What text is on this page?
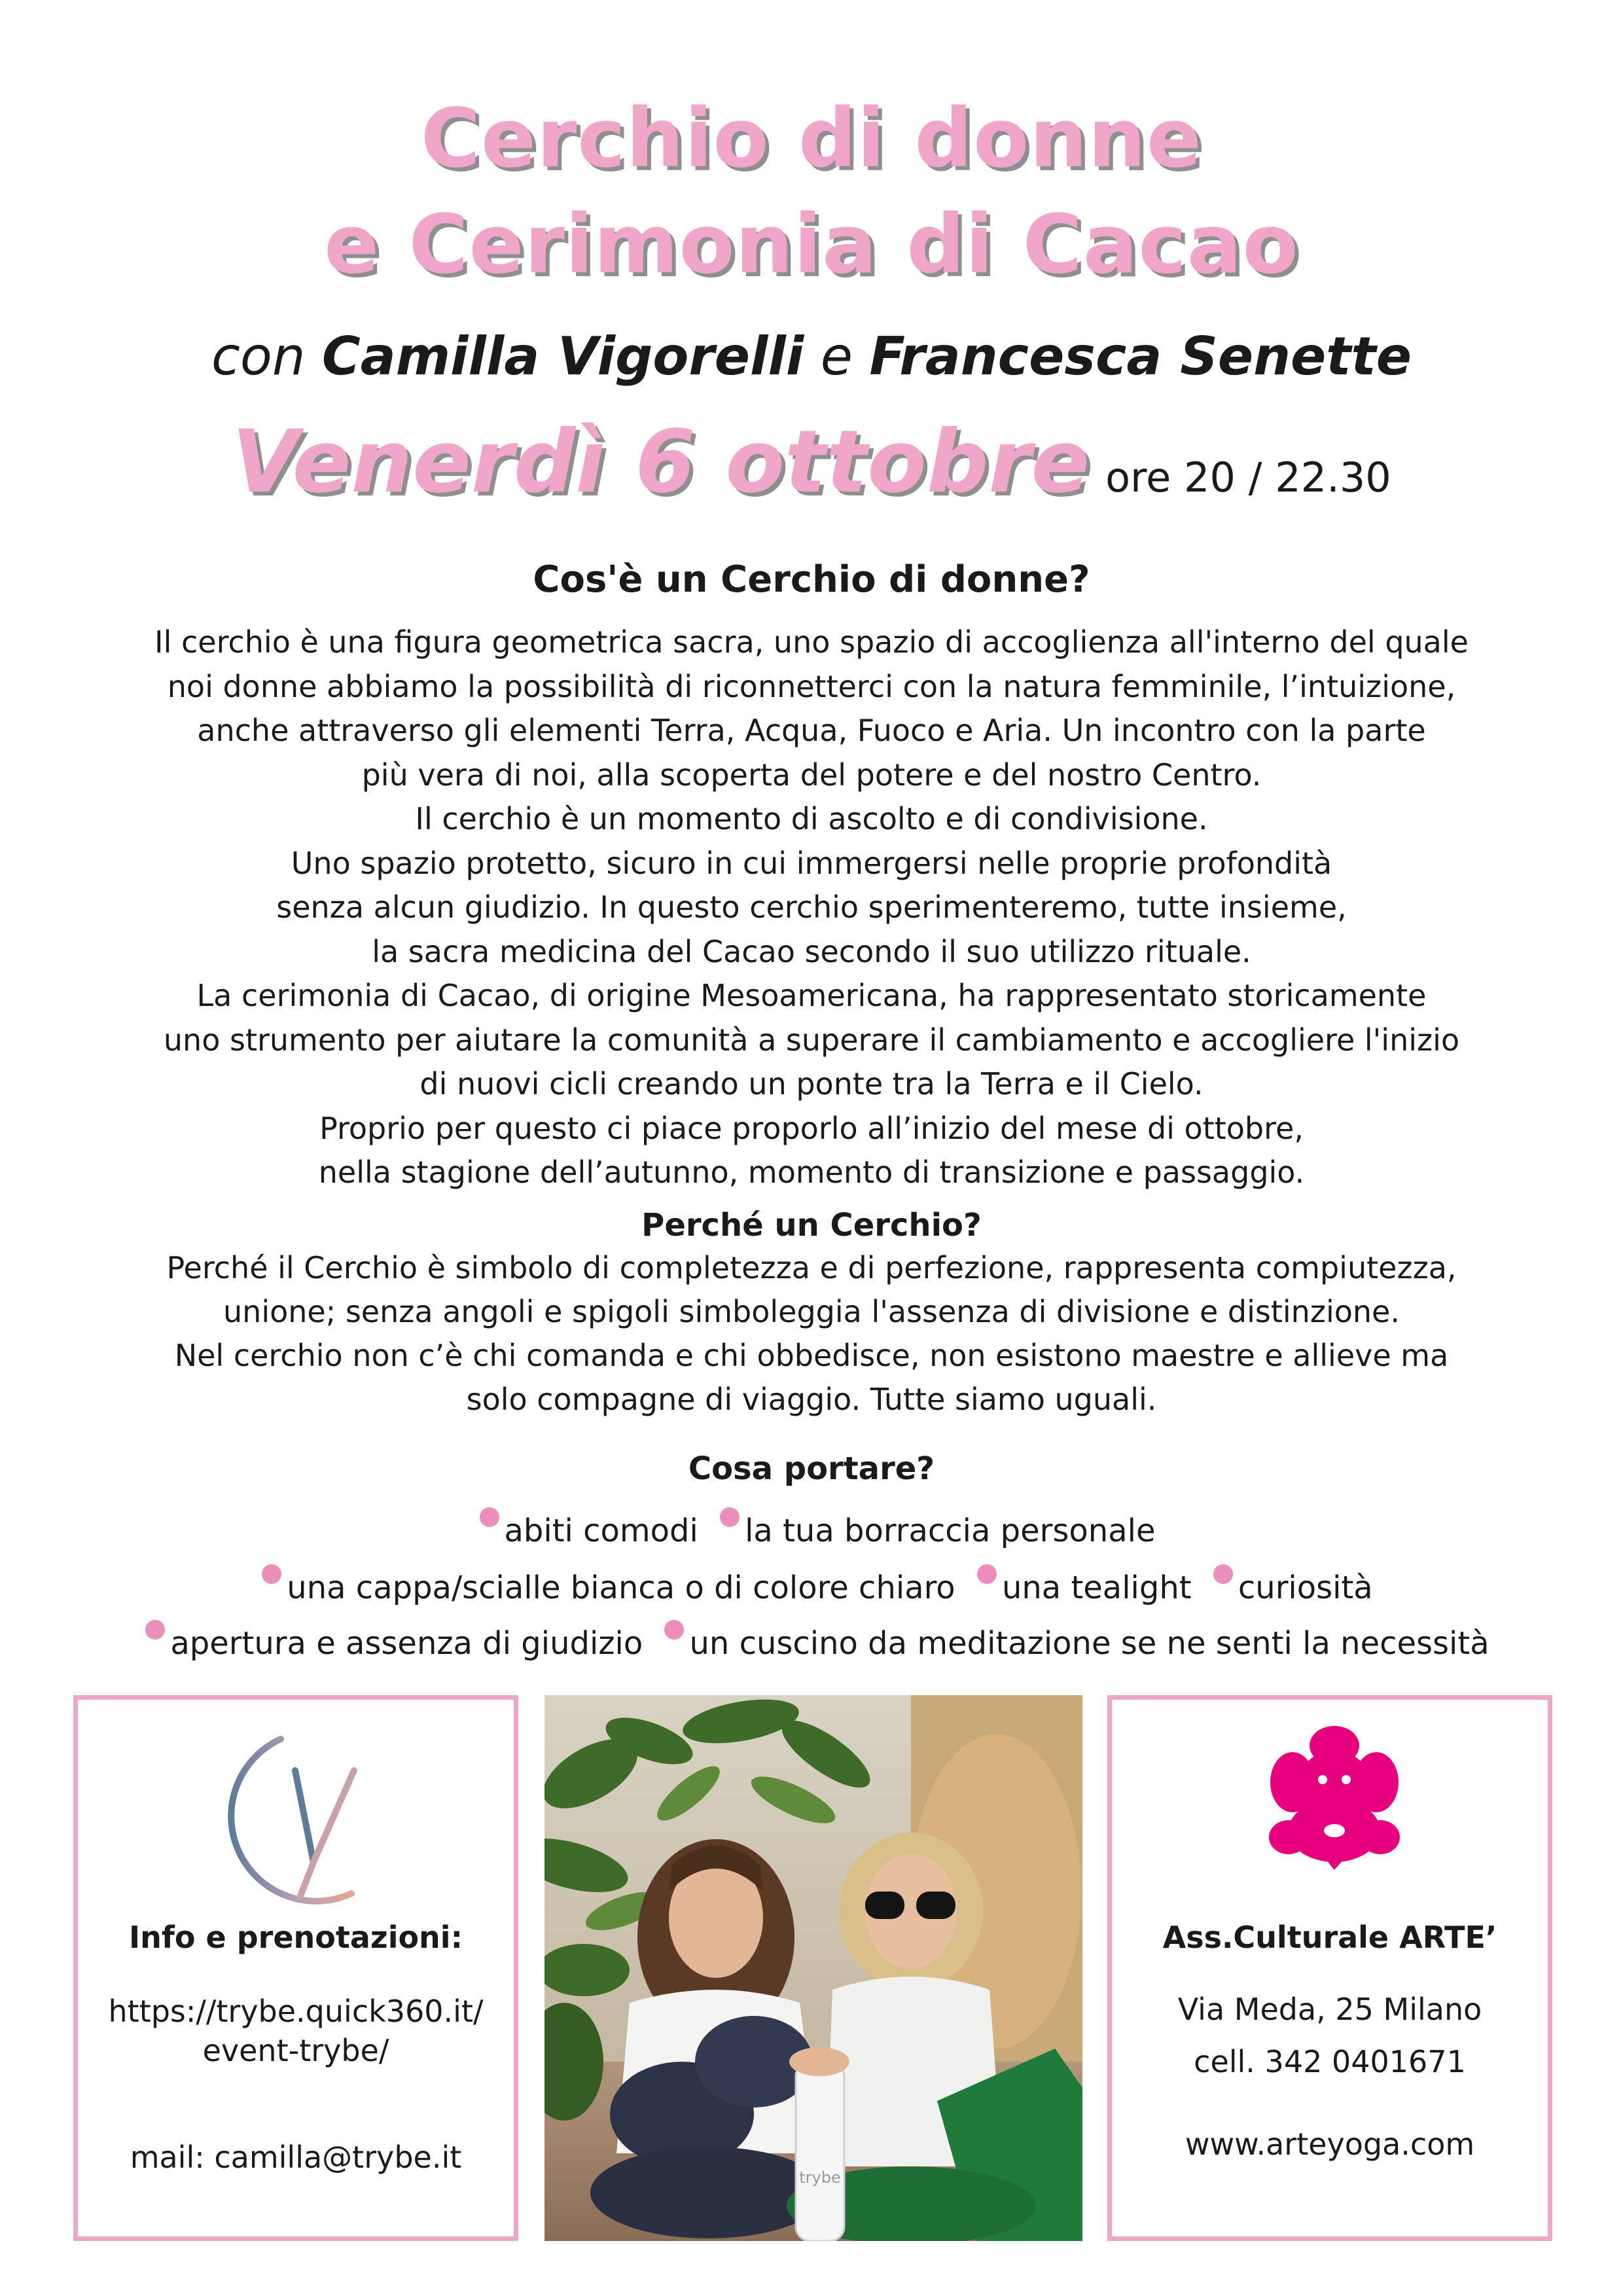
Cerchio di donne
e Cerimonia di Cacao
con Camilla Vigorelli e Francesca Senette
Venerdì 6 ottobre ore 20 / 22.30
Cos'è un Cerchio di donne?

Il cerchio è una figura geometrica sacra, uno spazio di accoglienza all'interno del quale
noi donne abbiamo la possibilità di riconnetterci con la natura femminile, l’intuizione,
anche attraverso gli elementi Terra, Acqua, Fuoco e Aria. Un incontro con la parte
più vera di noi, alla scoperta del potere e del nostro Centro.
Il cerchio è un momento di ascolto e di condivisione.
Uno spazio protetto, sicuro in cui immergersi nelle proprie profondità
senza alcun giudizio. In questo cerchio sperimenteremo, tutte insieme,
la sacra medicina del Cacao secondo il suo utilizzo rituale.
La cerimonia di Cacao, di origine Mesoamericana, ha rappresentato storicamente
uno strumento per aiutare la comunità a superare il cambiamento e accogliere l'inizio
di nuovi cicli creando un ponte tra la Terra e il Cielo.
Proprio per questo ci piace proporlo all’inizio del mese di ottobre,
nella stagione dell’autunno, momento di transizione e passaggio.

Perché un Cerchio?

Perché il Cerchio è simbolo di completezza e di perfezione, rappresenta compiutezza,
unione; senza angoli e spigoli simboleggia l'assenza di divisione e distinzione.
Nel cerchio non c’è chi comanda e chi obbedisce, non esistono maestre e allieve ma
solo compagne di viaggio. Tutte siamo uguali.

Cosa portare?
abiti comodi la tua borraccia personale
una cappa/scialle bianca o di colore chiaro una tealight curiosità
apertura e assenza di giudizio un cuscino da meditazione se ne senti la necessità

Info e prenotazioni:

https://trybe.quick360.it/
event-trybe/

mail: camilla@trybe.it

trybe

Ass.Culturale ARTE’

Via Meda, 25 Milano

cell. 342 0401671

www.arteyoga.com
